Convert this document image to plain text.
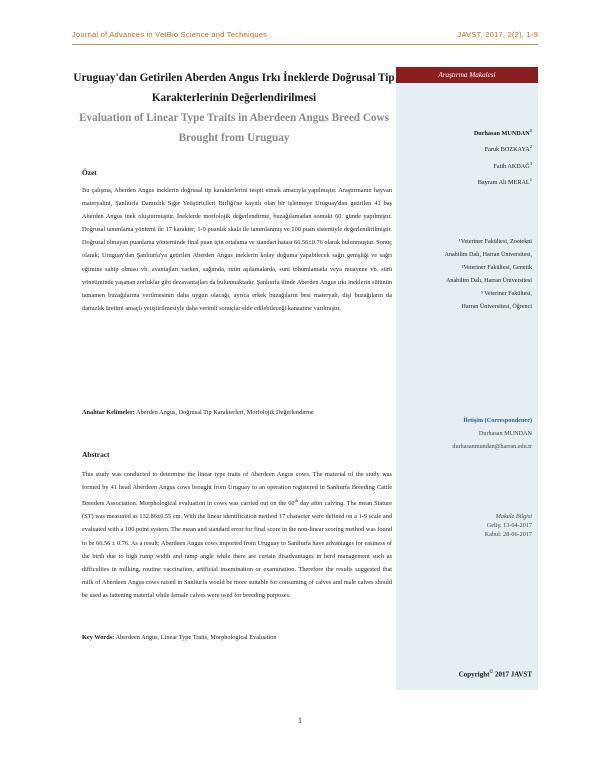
Journal of Advances in VetBio Science and Techniques	JAVST, 2017, 2(2), 1-9
Araştırma Makalesi
Uruguay'dan Getirilen Aberden Angus Irkı İneklerde Doğrusal Tip Karakterlerinin Değerlendirilmesi
Evaluation of Linear Type Traits in Aberdeen Angus Breed Cows Brought from Uruguay
Özet
Bu çalışma, Aberden Angus ineklerin doğrusal tip karakterlerini tespit etmek amacıyla yapılmıştır. Araştırmanın hayvan materyalini, Şanlıurfa Damızlık Sığır Yetiştiricileri Birliği'ne kayıtlı olan bir işletmeye Uruguay'dan getirilen 41 baş Aberden Angus inek oluşturmuştur. İneklerde morfolojik değerlendirme, buzağılamadan sonraki 60. günde yapılmıştır. Doğrusal tanımlama yöntemi ile 17 karakter, 1-9 puanlık skala ile tanımlanmış ve 100 puan sistemiyle değerlendirilmiştir. Doğrusal olmayan puanlama yönteminde final puan için ortalama ve standart hatası 66.56±0.76 olarak bulunmuştur. Sonuç olarak; Uruguay'dan Şanlıurfa'ya getirilen Aberden Angus ineklerin kolay doğuma yapabilecek sağrı genişliği ve sağrı eğimine sahip olması vb. avantajları varken, sağımda, rutin aşılamalarda, suni tohumlamada veya muayene vb. sürü yönetiminde yaşanan zorluklar gibi dezavantajları da bulunmaktadır. Şanlıurfa ilinde Aberden Angus ırkı ineklerin sütünün tamamen buzağılarına verilmesinin daha uygun olacağı, ayrıca erkek buzağıların besi materyali, dişi buzağıların da damızlık üretimi amaçlı yetiştirilmesiyle daha verimli sonuçlar elde edilebileceği kanaatine varılmıştır.
Anahtar Kelimeler: Aberden Angus, Doğrusal Tip Karakterleri, Morfolojik Değerlendirme
Abstract
This study was conducted to determine the linear type traits of Aberdeen Angus cows. The material of the study was formed by 41 head Aberdeen Angus cows brought from Uruguay to an operation registered in Sanliurfa Breeding Cattle Breeders Association. Morphological evaluation in cows was carried out on the 60th day after calving. The mean Stature (ST) was measured as 132.86±0.55 cm. With the linear identification method 17 character were defined on a 1-9 scale and evaluated with a 100 point system. The mean and standard error for final score in the non-linear scoring method was found to be 66.56 ± 0.76. As a result; Aberdeen Angus cows imported from Uruguay to Sanliurfa have advantages for easiness of the birth due to high rump width and ramp angle while there are certain disadvantages in herd management such as difficulties in milking, routine vaccination, artificial insemination or examination. Therefore the results suggested that milk of Aberdeen Angus cows raised in Sanliurfa would be more suitable for consuming of calves and male calves should be used as fattening material while female calves were used for breeding purposes.
Key Words: Aberdeen Angus, Linear Type Traits, Morphological Evaluation
Durhasan MUNDAN$^1$
Faruk BOZKAYA$^2$
Fatih AKDAĞ$^3$
Bayram Ali MERAL$^1$
¹Veteriner Fakültesi, Zootekni
Anabilim Dalı, Harran Üniversitesi,
²Veteriner Fakültesi, Genetik
Anabilim Dalı, Harran Üniversitesi
³ Veteriner Fakültesi,
Harran Üniversitesi, Öğrenci
İletişim (Correspondence)
Durhasan MUNDAN
durhasanmundan@harran.edu.tr
Makale Bilgisi
Geliş: 13-04-2017
Kabul: 28-06-2017
Copyright© 2017 JAVST
1
